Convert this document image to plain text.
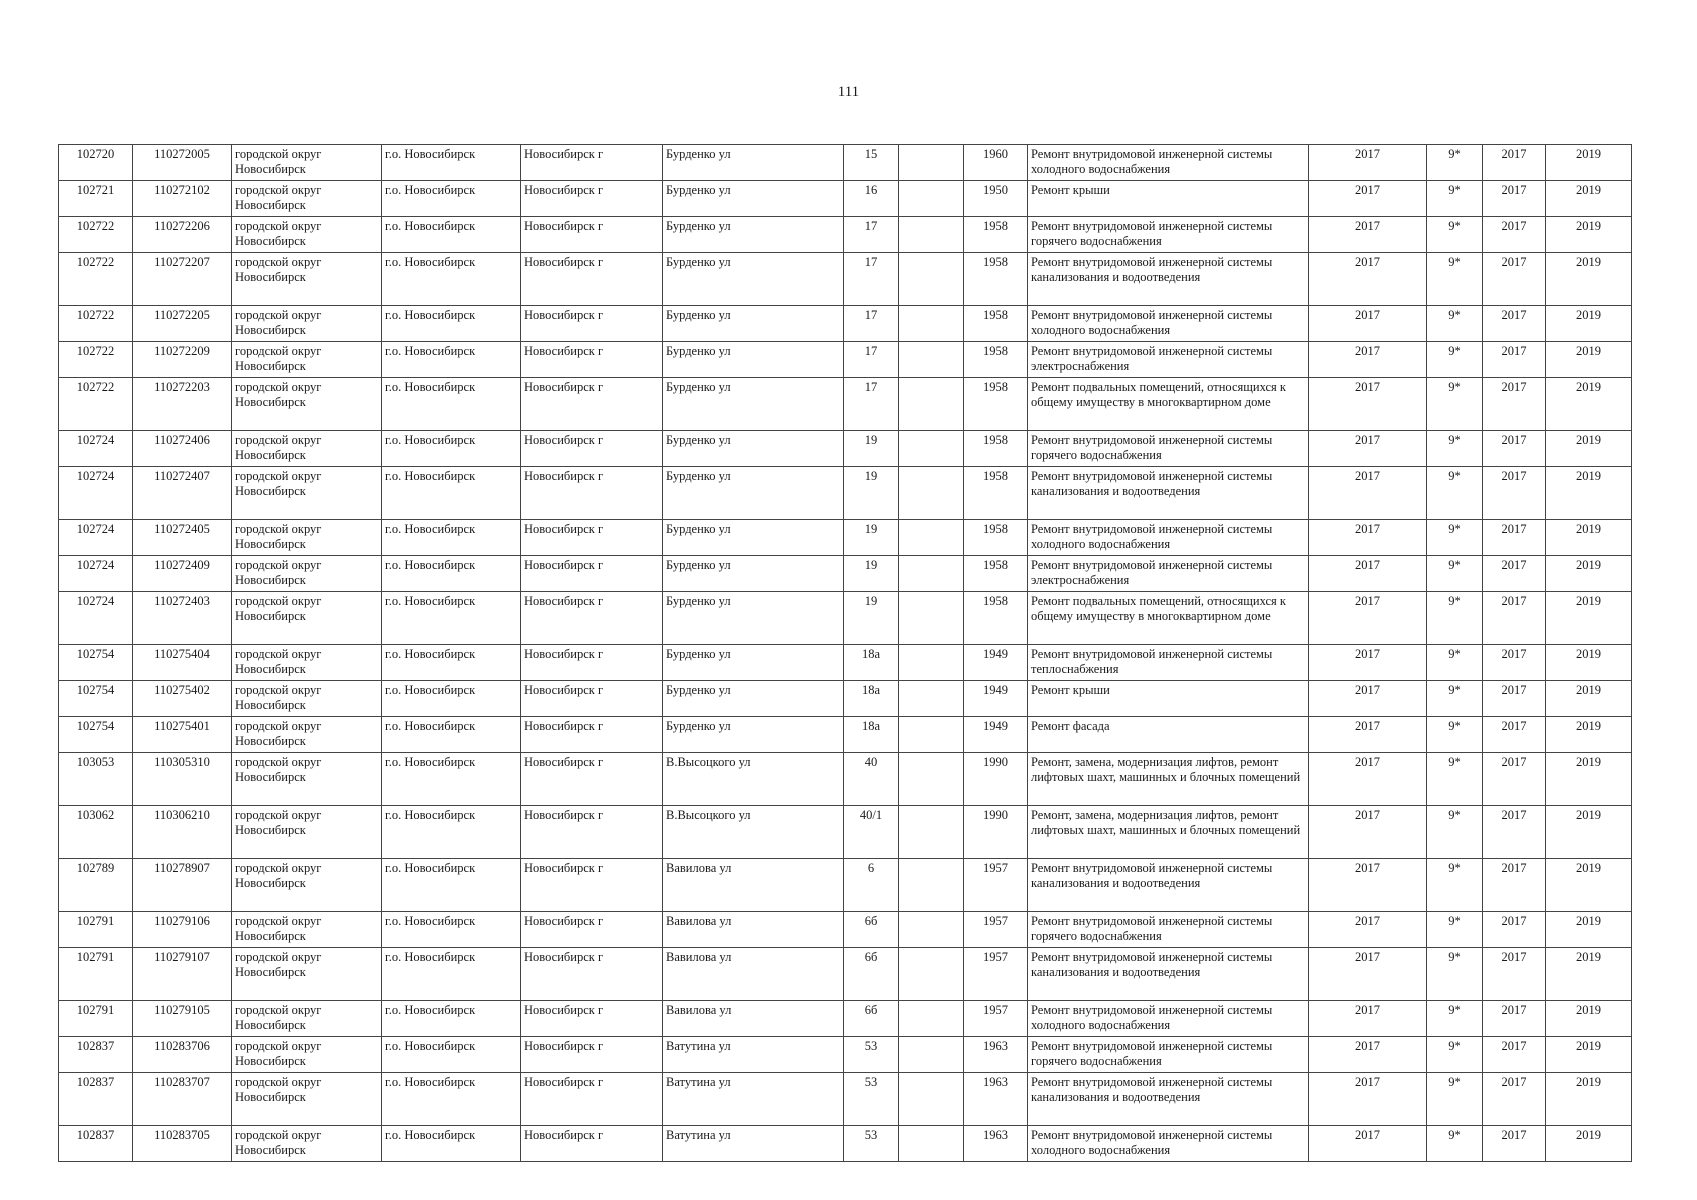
111
102720	110272005	городской округ Новосибирск	г.о. Новосибирск	Новосибирск г	Бурденко ул	15		1960	Ремонт внутридомовой инженерной системы холодного водоснабжения	2017	9*	2017	2019
102721	110272102	городской округ Новосибирск	г.о. Новосибирск	Новосибирск г	Бурденко ул	16		1950	Ремонт крыши	2017	9*	2017	2019
102722	110272206	городской округ Новосибирск	г.о. Новосибирск	Новосибирск г	Бурденко ул	17		1958	Ремонт внутридомовой инженерной системы горячего водоснабжения	2017	9*	2017	2019
102722	110272207	городской округ Новосибирск	г.о. Новосибирск	Новосибирск г	Бурденко ул	17		1958	Ремонт внутридомовой инженерной системы канализования и водоотведения	2017	9*	2017	2019
102722	110272205	городской округ Новосибирск	г.о. Новосибирск	Новосибирск г	Бурденко ул	17		1958	Ремонт внутридомовой инженерной системы холодного водоснабжения	2017	9*	2017	2019
102722	110272209	городской округ Новосибирск	г.о. Новосибирск	Новосибирск г	Бурденко ул	17		1958	Ремонт внутридомовой инженерной системы электроснабжения	2017	9*	2017	2019
102722	110272203	городской округ Новосибирск	г.о. Новосибирск	Новосибирск г	Бурденко ул	17		1958	Ремонт подвальных помещений, относящихся к общему имуществу в многоквартирном доме	2017	9*	2017	2019
102724	110272406	городской округ Новосибирск	г.о. Новосибирск	Новосибирск г	Бурденко ул	19		1958	Ремонт внутридомовой инженерной системы горячего водоснабжения	2017	9*	2017	2019
102724	110272407	городской округ Новосибирск	г.о. Новосибирск	Новосибирск г	Бурденко ул	19		1958	Ремонт внутридомовой инженерной системы канализования и водоотведения	2017	9*	2017	2019
102724	110272405	городской округ Новосибирск	г.о. Новосибирск	Новосибирск г	Бурденко ул	19		1958	Ремонт внутридомовой инженерной системы холодного водоснабжения	2017	9*	2017	2019
102724	110272409	городской округ Новосибирск	г.о. Новосибирск	Новосибирск г	Бурденко ул	19		1958	Ремонт внутридомовой инженерной системы электроснабжения	2017	9*	2017	2019
102724	110272403	городской округ Новосибирск	г.о. Новосибирск	Новосибирск г	Бурденко ул	19		1958	Ремонт подвальных помещений, относящихся к общему имуществу в многоквартирном доме	2017	9*	2017	2019
102754	110275404	городской округ Новосибирск	г.о. Новосибирск	Новосибирск г	Бурденко ул	18а		1949	Ремонт внутридомовой инженерной системы теплоснабжения	2017	9*	2017	2019
102754	110275402	городской округ Новосибирск	г.о. Новосибирск	Новосибирск г	Бурденко ул	18а		1949	Ремонт крыши	2017	9*	2017	2019
102754	110275401	городской округ Новосибирск	г.о. Новосибирск	Новосибирск г	Бурденко ул	18а		1949	Ремонт фасада	2017	9*	2017	2019
103053	110305310	городской округ Новосибирск	г.о. Новосибирск	Новосибирск г	В.Высоцкого ул	40		1990	Ремонт, замена, модернизация лифтов, ремонт лифтовых шахт, машинных и блочных помещений	2017	9*	2017	2019
103062	110306210	городской округ Новосибирск	г.о. Новосибирск	Новосибирск г	В.Высоцкого ул	40/1		1990	Ремонт, замена, модернизация лифтов, ремонт лифтовых шахт, машинных и блочных помещений	2017	9*	2017	2019
102789	110278907	городской округ Новосибирск	г.о. Новосибирск	Новосибирск г	Вавилова ул	6		1957	Ремонт внутридомовой инженерной системы канализования и водоотведения	2017	9*	2017	2019
102791	110279106	городской округ Новосибирск	г.о. Новосибирск	Новосибирск г	Вавилова ул	6б		1957	Ремонт внутридомовой инженерной системы горячего водоснабжения	2017	9*	2017	2019
102791	110279107	городской округ Новосибирск	г.о. Новосибирск	Новосибирск г	Вавилова ул	6б		1957	Ремонт внутридомовой инженерной системы канализования и водоотведения	2017	9*	2017	2019
102791	110279105	городской округ Новосибирск	г.о. Новосибирск	Новосибирск г	Вавилова ул	6б		1957	Ремонт внутридомовой инженерной системы холодного водоснабжения	2017	9*	2017	2019
102837	110283706	городской округ Новосибирск	г.о. Новосибирск	Новосибирск г	Ватутина ул	53		1963	Ремонт внутридомовой инженерной системы горячего водоснабжения	2017	9*	2017	2019
102837	110283707	городской округ Новосибирск	г.о. Новосибирск	Новосибирск г	Ватутина ул	53		1963	Ремонт внутридомовой инженерной системы канализования и водоотведения	2017	9*	2017	2019
102837	110283705	городской округ Новосибирск	г.о. Новосибирск	Новосибирск г	Ватутина ул	53		1963	Ремонт внутридомовой инженерной системы холодного водоснабжения	2017	9*	2017	2019
